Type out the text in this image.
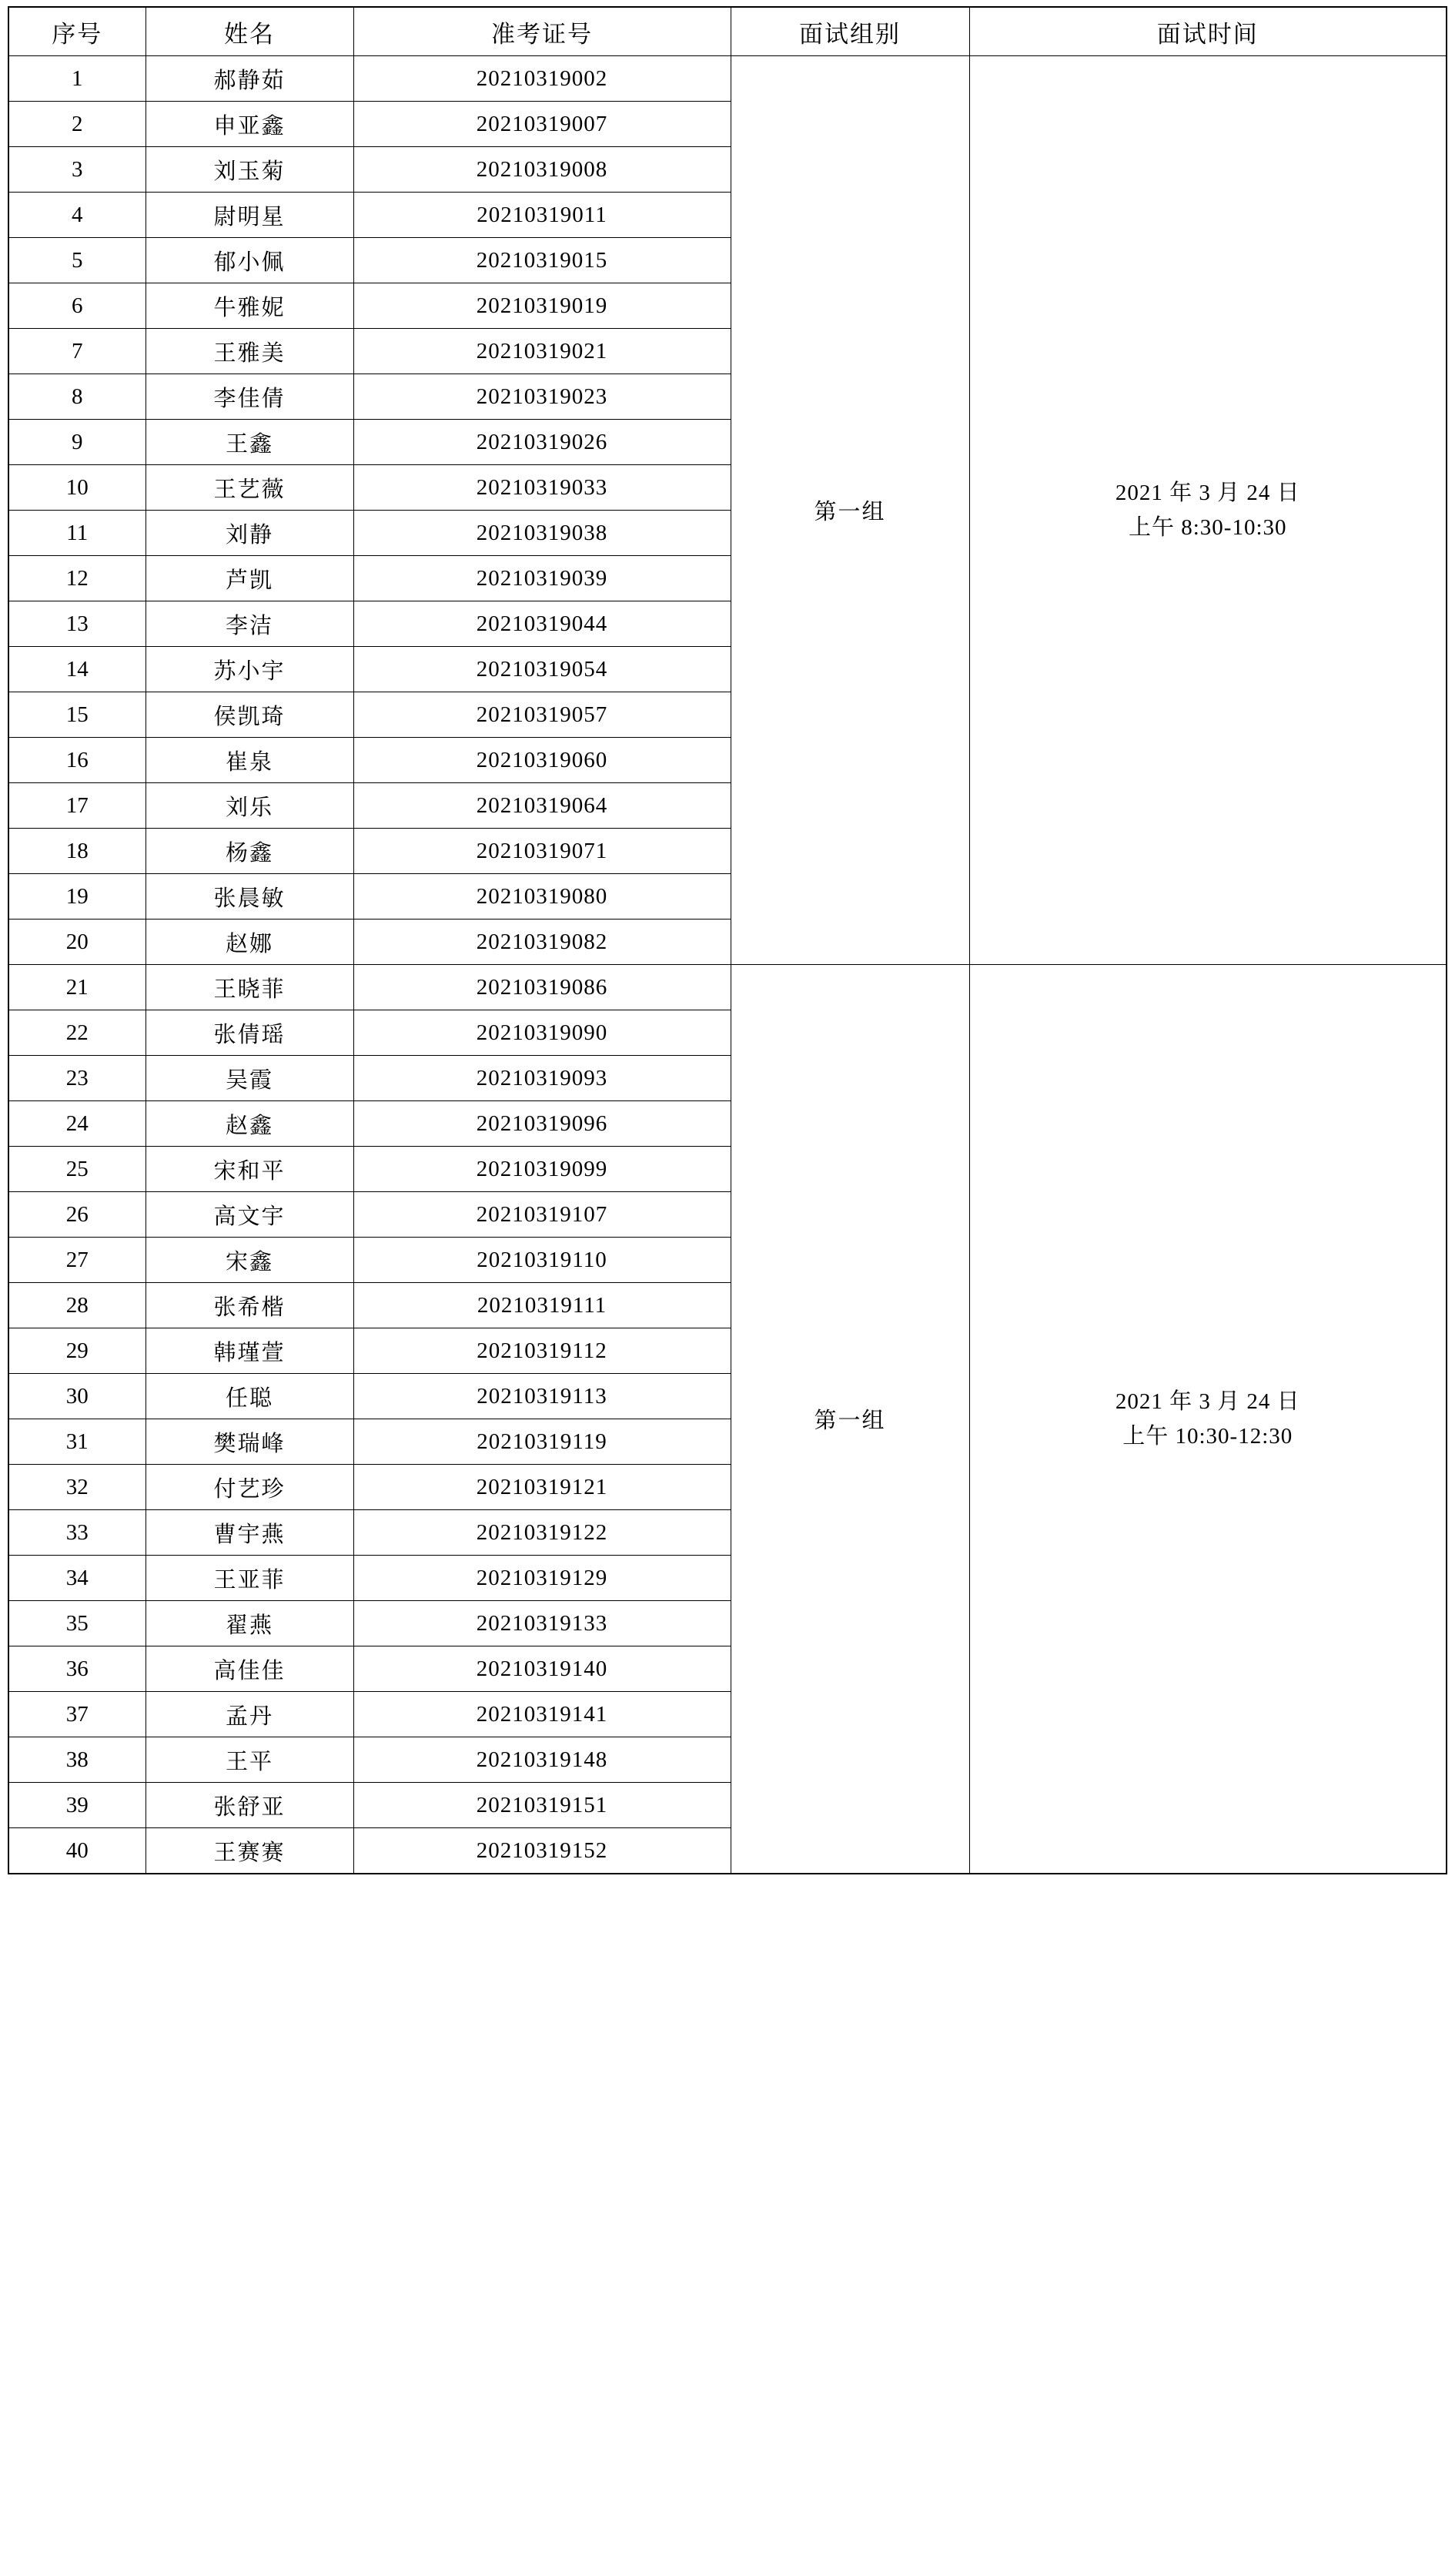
序号	姓名	准考证号	面试组别	面试时间
1	郝静茹	20210319002	第一组	2021 年 3 月 24 日
上午 8:30-10:30

2	申亚鑫	20210319007		
3	刘玉菊	20210319008		
4	尉明星	20210319011		
5	郁小佩	20210319015		
6	牛雅妮	20210319019		
7	王雅美	20210319021		
8	李佳倩	20210319023		
9	王鑫	20210319026		
10	王艺薇	20210319033		
11	刘静	20210319038		
12	芦凯	20210319039		
13	李洁	20210319044		
14	苏小宇	20210319054		
15	侯凯琦	20210319057		
16	崔泉	20210319060		
17	刘乐	20210319064		
18	杨鑫	20210319071		
19	张晨敏	20210319080		
20	赵娜	20210319082		
21	王晓菲	20210319086	第一组	2021 年 3 月 24 日
上午 10:30-12:30

22	张倩瑶	20210319090		
23	吴霞	20210319093		
24	赵鑫	20210319096		
25	宋和平	20210319099		
26	高文宇	20210319107		
27	宋鑫	20210319110		
28	张希楷	20210319111		
29	韩瑾萱	20210319112		
30	任聪	20210319113		
31	樊瑞峰	20210319119		
32	付艺珍	20210319121		
33	曹宇燕	20210319122		
34	王亚菲	20210319129		
35	翟燕	20210319133		
36	高佳佳	20210319140		
37	孟丹	20210319141		
38	王平	20210319148		
39	张舒亚	20210319151		
40	王赛赛	20210319152		
